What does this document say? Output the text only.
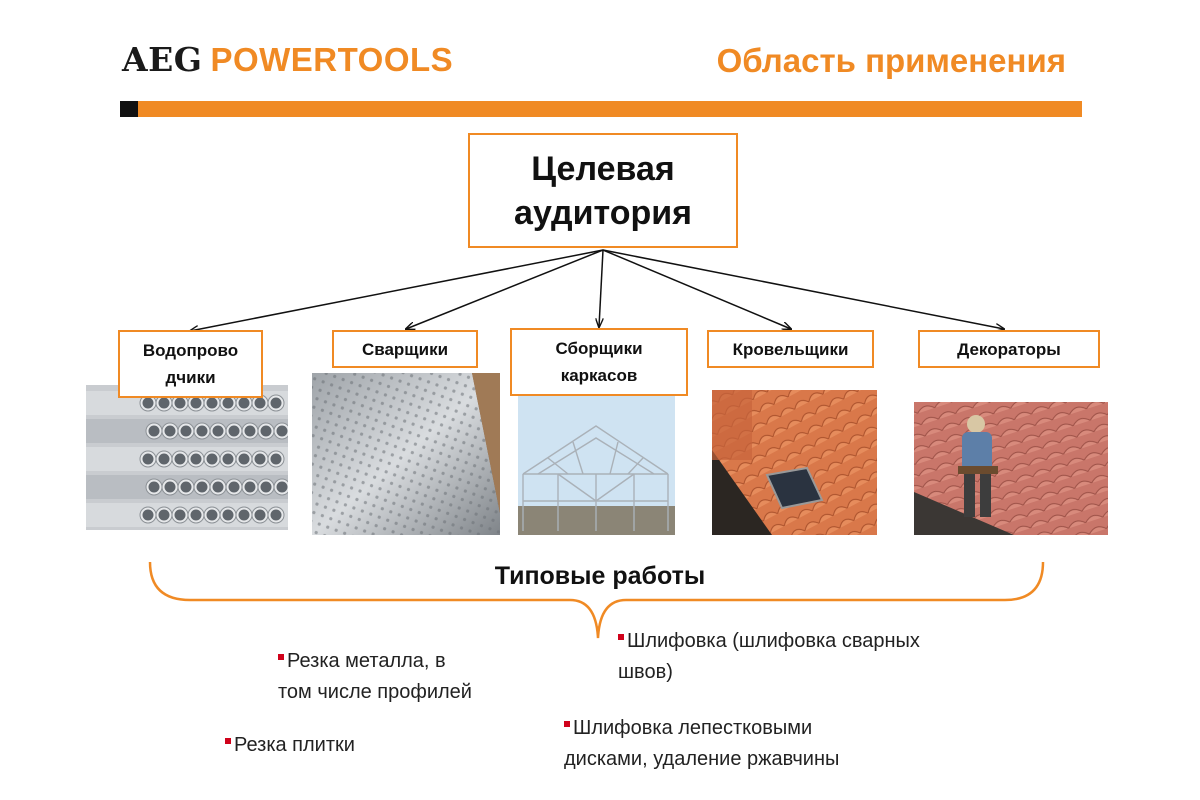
AEG POWERTOOLS	Область применения
Целевая
аудитория
Водопрово
дчики
Сварщики	Сборщики
каркасов
Кровельщики	Декораторы
Типовые работы
Резка металла, в
том числе профилей
Резка плитки
Шлифовка (шлифовка сварных
швов)
Шлифовка лепестковыми
дисками, удаление ржавчины
